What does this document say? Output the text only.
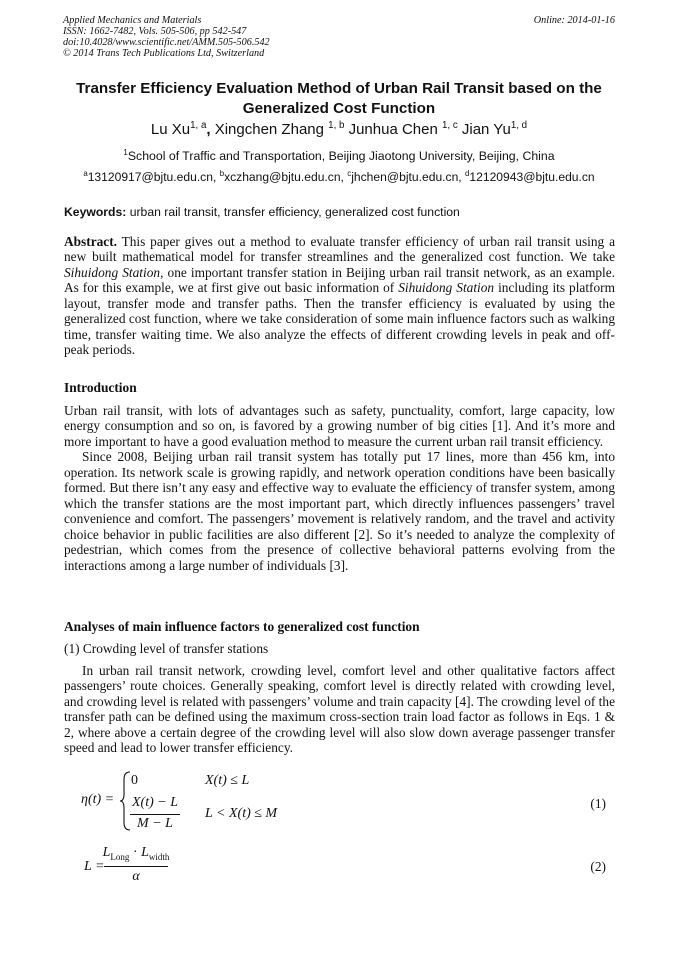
Applied Mechanics and Materials
ISSN: 1662-7482, Vols. 505-506, pp 542-547
doi:10.4028/www.scientific.net/AMM.505-506.542
© 2014 Trans Tech Publications Ltd, Switzerland
Online: 2014-01-16
Transfer Efficiency Evaluation Method of Urban Rail Transit based on the Generalized Cost Function
Lu Xu$^{1, a}$, Xingchen Zhang $^{1, b}$ Junhua Chen $^{1, c}$ Jian Yu$^{1, d}$
$^1$School of Traffic and Transportation, Beijing Jiaotong University, Beijing, China
$^a$13120917@bjtu.edu.cn, $^b$xczhang@bjtu.edu.cn, $^c$jhchen@bjtu.edu.cn, $^d$12120943@bjtu.edu.cn
Keywords: urban rail transit, transfer efficiency, generalized cost function

Abstract. This paper gives out a method to evaluate transfer efficiency of urban rail transit using a new built mathematical model for transfer streamlines and the generalized cost function. We take Sihuidong Station, one important transfer station in Beijing urban rail transit network, as an example. As for this example, we at first give out basic information of Sihuidong Station including its platform layout, transfer mode and transfer paths. Then the transfer efficiency is evaluated by using the generalized cost function, where we take consideration of some main influence factors such as walking time, transfer waiting time. We also analyze the effects of different crowding levels in peak and off-peak periods.

Introduction

Urban rail transit, with lots of advantages such as safety, punctuality, comfort, large capacity, low energy consumption and so on, is favored by a growing number of big cities [1]. And it’s more and more important to have a good evaluation method to measure the current urban rail transit efficiency.

Since 2008, Beijing urban rail transit system has totally put 17 lines, more than 456 km, into operation. Its network scale is growing rapidly, and network operation conditions have been basically formed. But there isn’t any easy and effective way to evaluate the efficiency of transfer system, among which the transfer stations are the most important part, which directly influences passengers’ travel convenience and comfort. The passengers’ movement is relatively random, and the travel and activity choice behavior in public facilities are also different [2]. So it’s needed to analyze the complexity of pedestrian, which comes from the presence of collective behavioral patterns evolving from the interactions among a large number of individuals [3].

Analyses of main influence factors to generalized cost function
(1) Crowding level of transfer stations

In urban rail transit network, crowding level, comfort level and other qualitative factors affect passengers’ route choices. Generally speaking, comfort level is directly related with crowding level, and crowding level is related with passengers’ volume and train capacity [4]. The crowding level of the transfer path can be defined using the maximum cross-section train load factor as follows in Eqs. 1 & 2, where above a certain degree of the crowding level will also slow down average passenger transfer speed and lead to lower transfer efficiency.

η(t) =
0	X(t) ≤ L
X(t) − L
M − L
L < X(t) ≤ M
(1)
L =
$L_{Long} \cdot L_{width}$
α
(2)
